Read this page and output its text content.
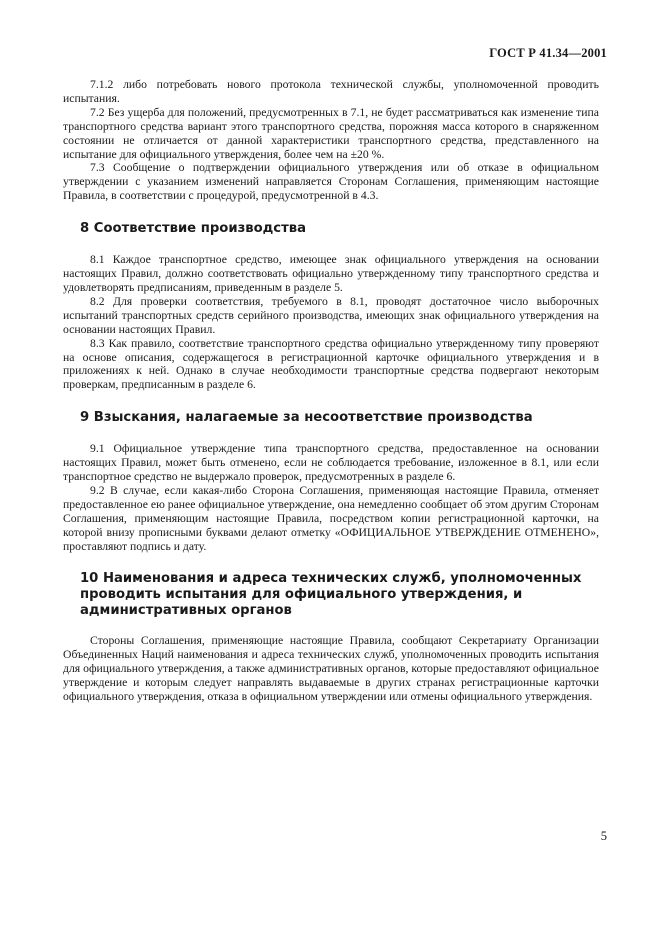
ГОСТ Р 41.34—2001

7.1.2 либо потребовать нового протокола технической службы, уполномоченной проводить испытания.

7.2 Без ущерба для положений, предусмотренных в 7.1, не будет рассматриваться как изменение типа транспортного средства вариант этого транспортного средства, порожняя масса которого в снаряженном состоянии не отличается от данной характеристики транспортного средства, представленного на испытание для официального утверждения, более чем на ±20 %.

7.3 Сообщение о подтверждении официального утверждения или об отказе в официальном утверждении с указанием изменений направляется Сторонам Соглашения, применяющим настоящие Правила, в соответствии с процедурой, предусмотренной в 4.3.

8 Соответствие производства

8.1 Каждое транспортное средство, имеющее знак официального утверждения на основании настоящих Правил, должно соответствовать официально утвержденному типу транспортного средства и удовлетворять предписаниям, приведенным в разделе 5.

8.2 Для проверки соответствия, требуемого в 8.1, проводят достаточное число выборочных испытаний транспортных средств серийного производства, имеющих знак официального утверждения на основании настоящих Правил.

8.3 Как правило, соответствие транспортного средства официально утвержденному типу проверяют на основе описания, содержащегося в регистрационной карточке официального утверждения и в приложениях к ней. Однако в случае необходимости транспортные средства подвергают некоторым проверкам, предписанным в разделе 6.

9 Взыскания, налагаемые за несоответствие производства

9.1 Официальное утверждение типа транспортного средства, предоставленное на основании настоящих Правил, может быть отменено, если не соблюдается требование, изложенное в 8.1, или если транспортное средство не выдержало проверок, предусмотренных в разделе 6.

9.2 В случае, если какая-либо Сторона Соглашения, применяющая настоящие Правила, отменяет предоставленное ею ранее официальное утверждение, она немедленно сообщает об этом другим Сторонам Соглашения, применяющим настоящие Правила, посредством копии регистрационной карточки, на которой внизу прописными буквами делают отметку «ОФИЦИАЛЬНОЕ УТВЕРЖДЕНИЕ ОТМЕНЕНО», проставляют подпись и дату.

10 Наименования и адреса технических служб, уполномоченных проводить испытания для официального утверждения, и административных органов

Стороны Соглашения, применяющие настоящие Правила, сообщают Секретариату Организации Объединенных Наций наименования и адреса технических служб, уполномоченных проводить испытания для официального утверждения, а также административных органов, которые предоставляют официальное утверждение и которым следует направлять выдаваемые в других странах регистрационные карточки официального утверждения, отказа в официальном утверждении или отмены официального утверждения.

5
